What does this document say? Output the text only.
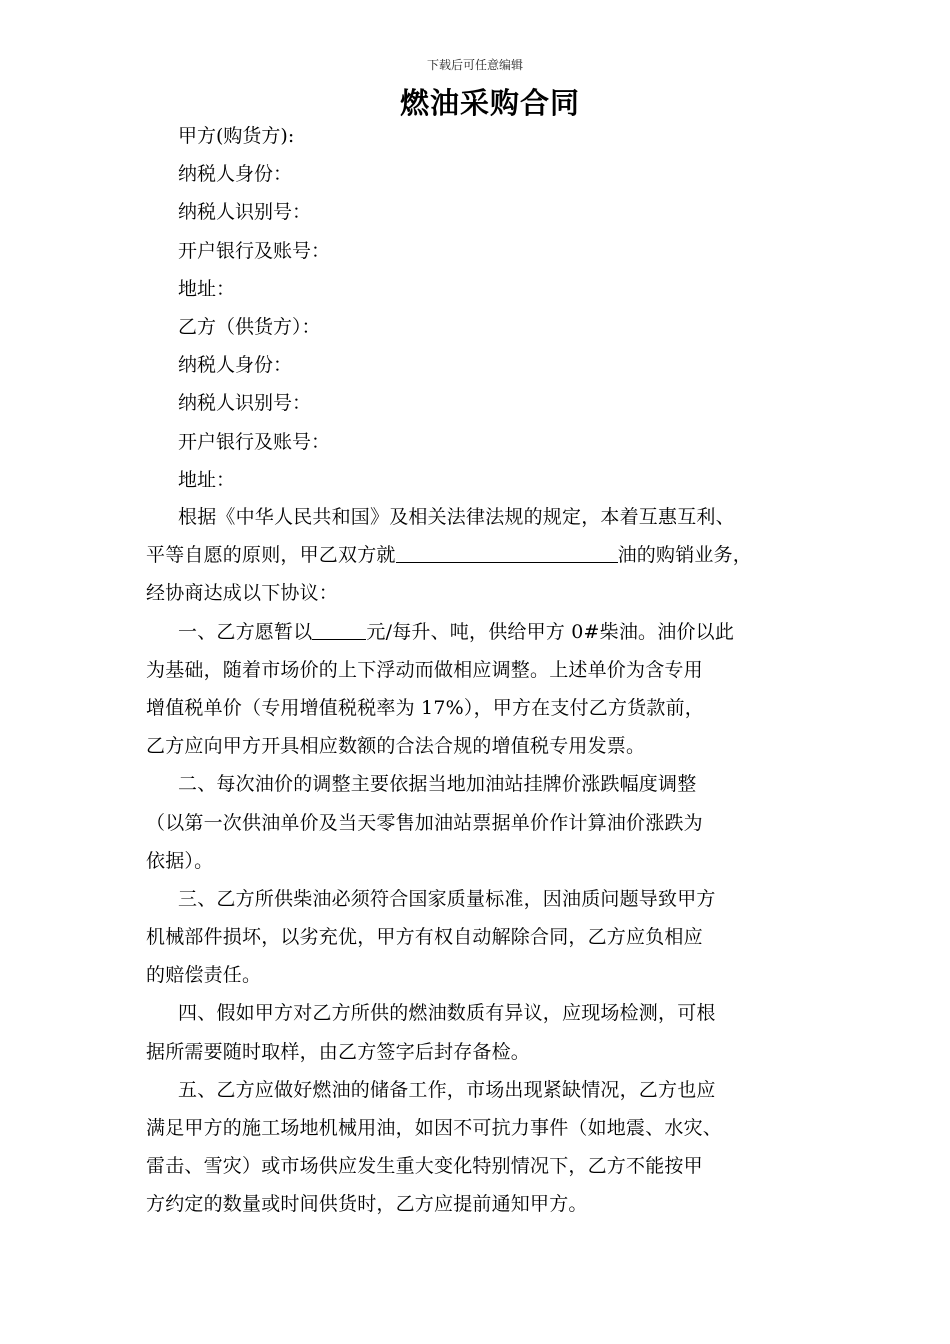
下载后可任意编辑
燃油采购合同
甲方(购货方):
纳税人身份：
纳税人识别号：
开户银行及账号：
地址：
乙方（供货方）：
纳税人身份：
纳税人识别号：
开户银行及账号：
地址：
根据《中华人民共和国》及相关法律法规的规定，本着互惠互利、
平等自愿的原则，甲乙双方就	油的购销业务，
经协商达成以下协议：
一、乙方愿暂以	元/每升、吨，供给甲方 0#柴油。油价以此
为基础，随着市场价的上下浮动而做相应调整。上述单价为含专用
增值税单价（专用增值税税率为 17%），甲方在支付乙方货款前，
乙方应向甲方开具相应数额的合法合规的增值税专用发票。
二、每次油价的调整主要依据当地加油站挂牌价涨跌幅度调整
（以第一次供油单价及当天零售加油站票据单价作计算油价涨跌为
依据）。
三、乙方所供柴油必须符合国家质量标准，因油质问题导致甲方
机械部件损坏，以劣充优，甲方有权自动解除合同，乙方应负相应
的赔偿责任。
四、假如甲方对乙方所供的燃油数质有异议，应现场检测，可根
据所需要随时取样，由乙方签字后封存备检。
五、乙方应做好燃油的储备工作，市场出现紧缺情况，乙方也应
满足甲方的施工场地机械用油，如因不可抗力事件（如地震、水灾、
雷击、雪灾）或市场供应发生重大变化特别情况下，乙方不能按甲
方约定的数量或时间供货时，乙方应提前通知甲方。
